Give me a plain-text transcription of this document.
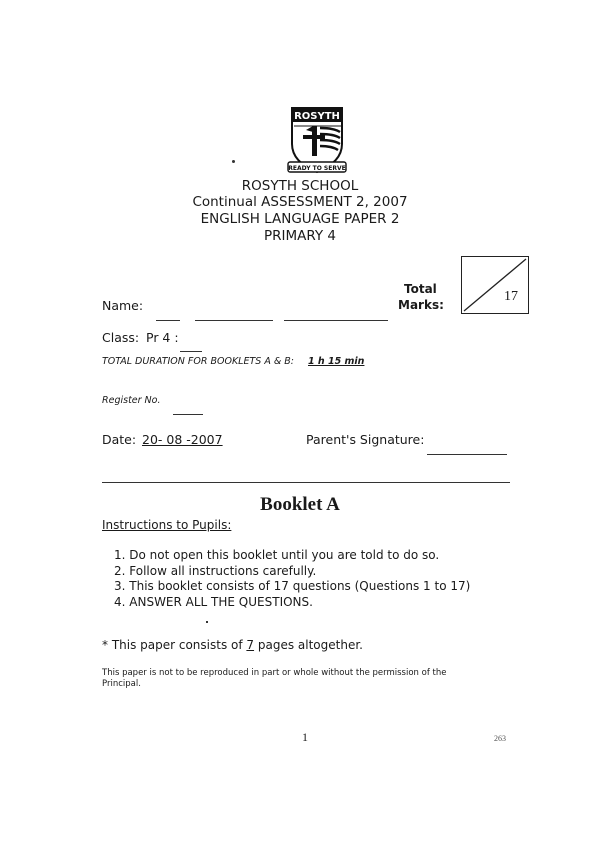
ROSYTH
READY TO SERVE
ROSYTH SCHOOL
Continual ASSESSMENT 2, 2007
ENGLISH LANGUAGE PAPER 2
PRIMARY 4
Total
Marks:
17
Name:

Class: Pr 4 :
TOTAL DURATION FOR BOOKLETS A & B: 1 h 15 min
Register No.
Date: 20- 08 -2007	Parent's Signature:
Booklet A
Instructions to Pupils:
1. Do not open this booklet until you are told to do so.
2. Follow all instructions carefully.
3. This booklet consists of 17 questions (Questions 1 to 17)
4. ANSWER ALL THE QUESTIONS.
* This paper consists of 7 pages altogether.
This paper is not to be reproduced in part or whole without the permission of the
Principal.
1	263
